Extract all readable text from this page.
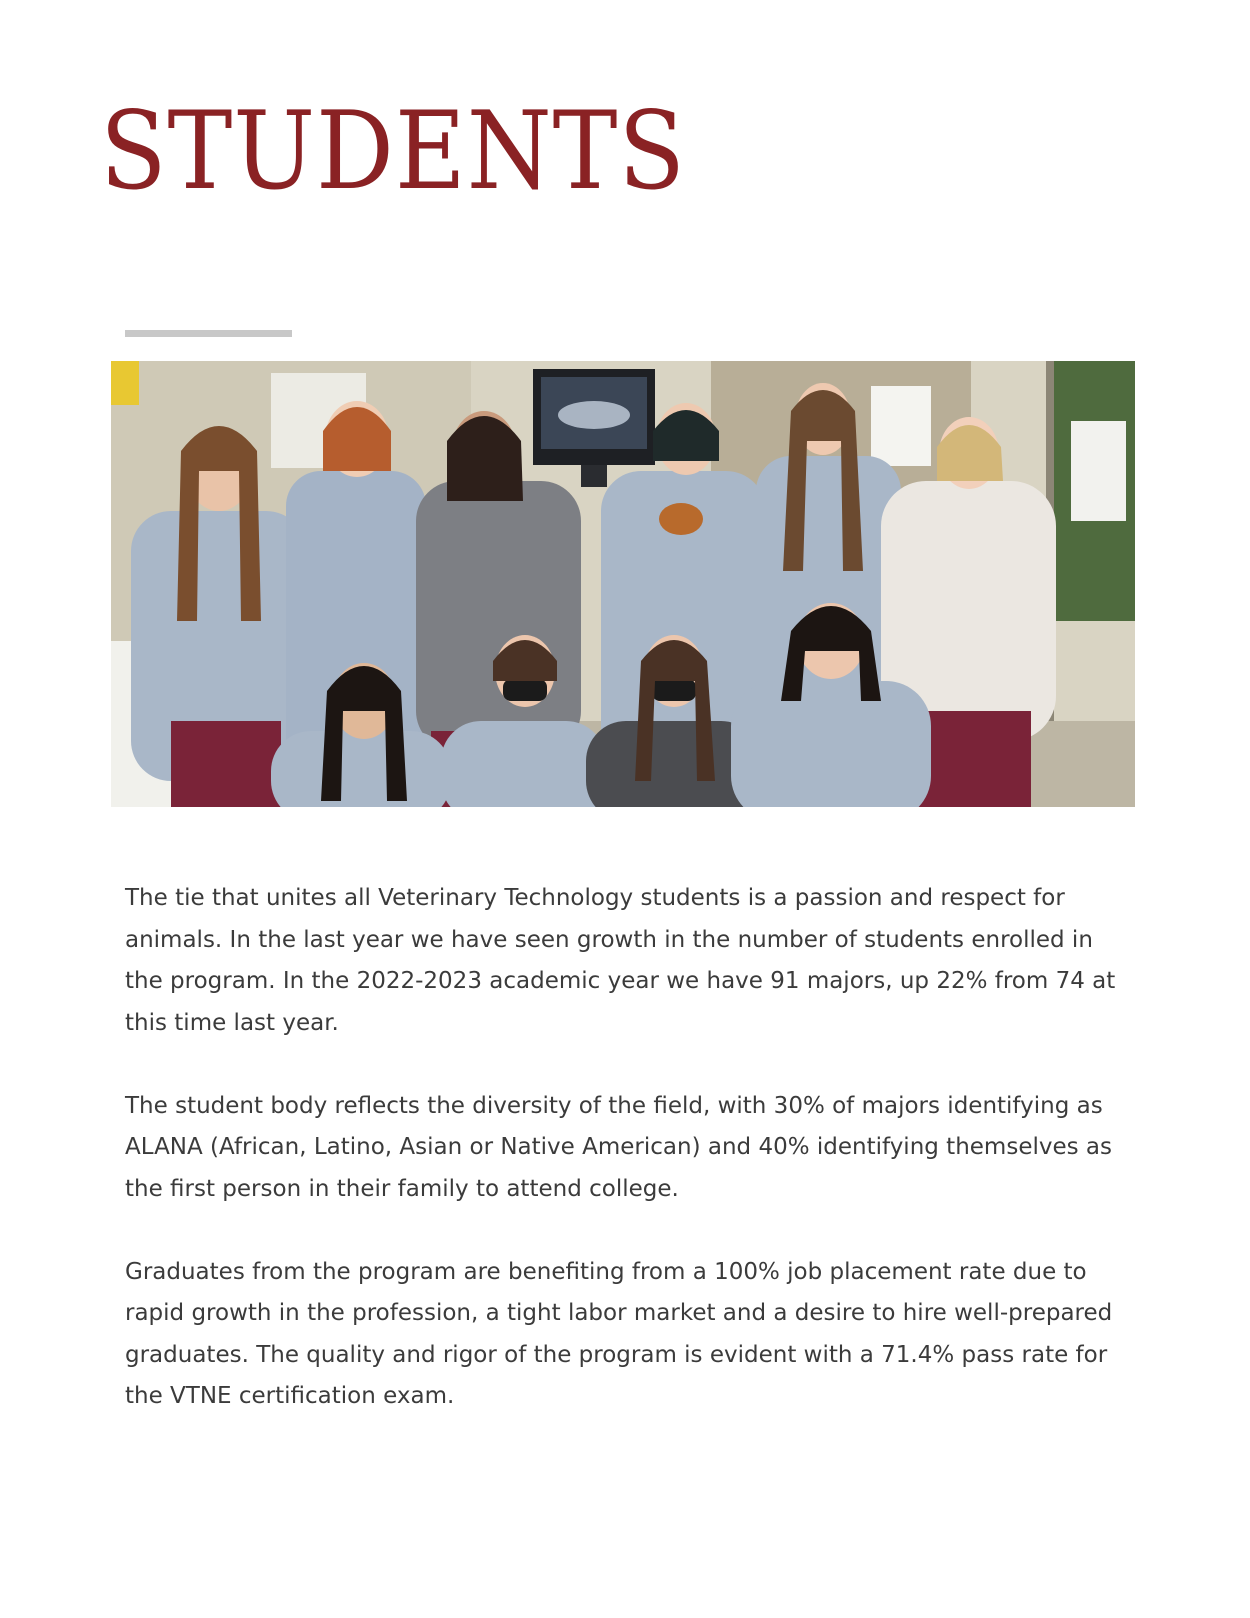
STUDENTS

The tie that unites all Veterinary Technology students is a passion and respect for animals. In the last year we have seen growth in the number of students enrolled in the program. In the 2022-2023 academic year we have 91 majors, up 22% from 74 at this time last year.

The student body reflects the diversity of the field, with 30% of majors identifying as ALANA (African, Latino, Asian or Native American) and 40% identifying themselves as the first person in their family to attend college.

Graduates from the program are benefiting from a 100% job placement rate due to rapid growth in the profession, a tight labor market and a desire to hire well-prepared graduates. The quality and rigor of the program is evident with a 71.4% pass rate for the VTNE certification exam.
